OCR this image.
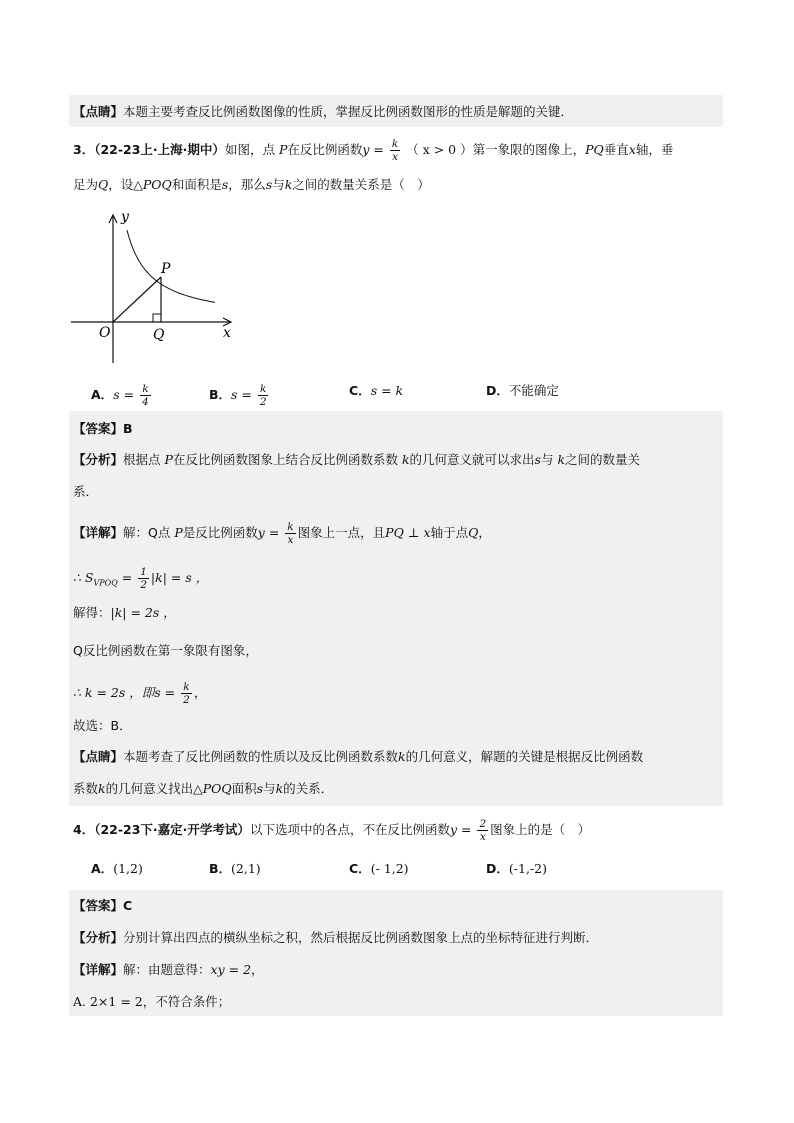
【点睛】本题主要考查反比例函数图像的性质，掌握反比例函数图形的性质是解题的关键．
3．（22-23上·上海·期中）如图，点 P在反比例函数$y = \frac{k}{x}$ （ x > 0 ）第一象限的图像上，PQ垂直x轴，垂
足为Q，设△POQ和面积是s，那么s与k之间的数量关系是（　）
y
x
O
P
Q
A．$s = \frac{k}{4}$	B．$s = \frac{k}{2}$	C．s = k	D．不能确定
【答案】B
【分析】根据点 P在反比例函数图象上结合反比例函数系数 k的几何意义就可以求出s与 k之间的数量关
系．
【详解】解：Q点 P是反比例函数$y = \frac{k}{x}$ 图象上一点，且PQ ⊥ x轴于点Q，
∴ $S_{VPOQ} = \frac{1}{2} |k| = s$ ，
解得：|k| = 2s ，
Q反比例函数在第一象限有图象，
∴ k = 2s ，即$s = \frac{k}{2}$ ，
故选：B．
【点睛】本题考查了反比例函数的性质以及反比例函数系数k的几何意义，解题的关键是根据反比例函数
系数k的几何意义找出△POQ面积s与k的关系．
4．（22-23下·嘉定·开学考试）以下选项中的各点，不在反比例函数$y = \frac{2}{x}$ 图象上的是（　）
A．(1,2)	B．(2,1)	C．(- 1,2)	D．(-1,-2)
【答案】C
【分析】分别计算出四点的横纵坐标之积，然后根据反比例函数图象上点的坐标特征进行判断．
【详解】解：由题意得：xy = 2，
A. 2×1 = 2，不符合条件；
